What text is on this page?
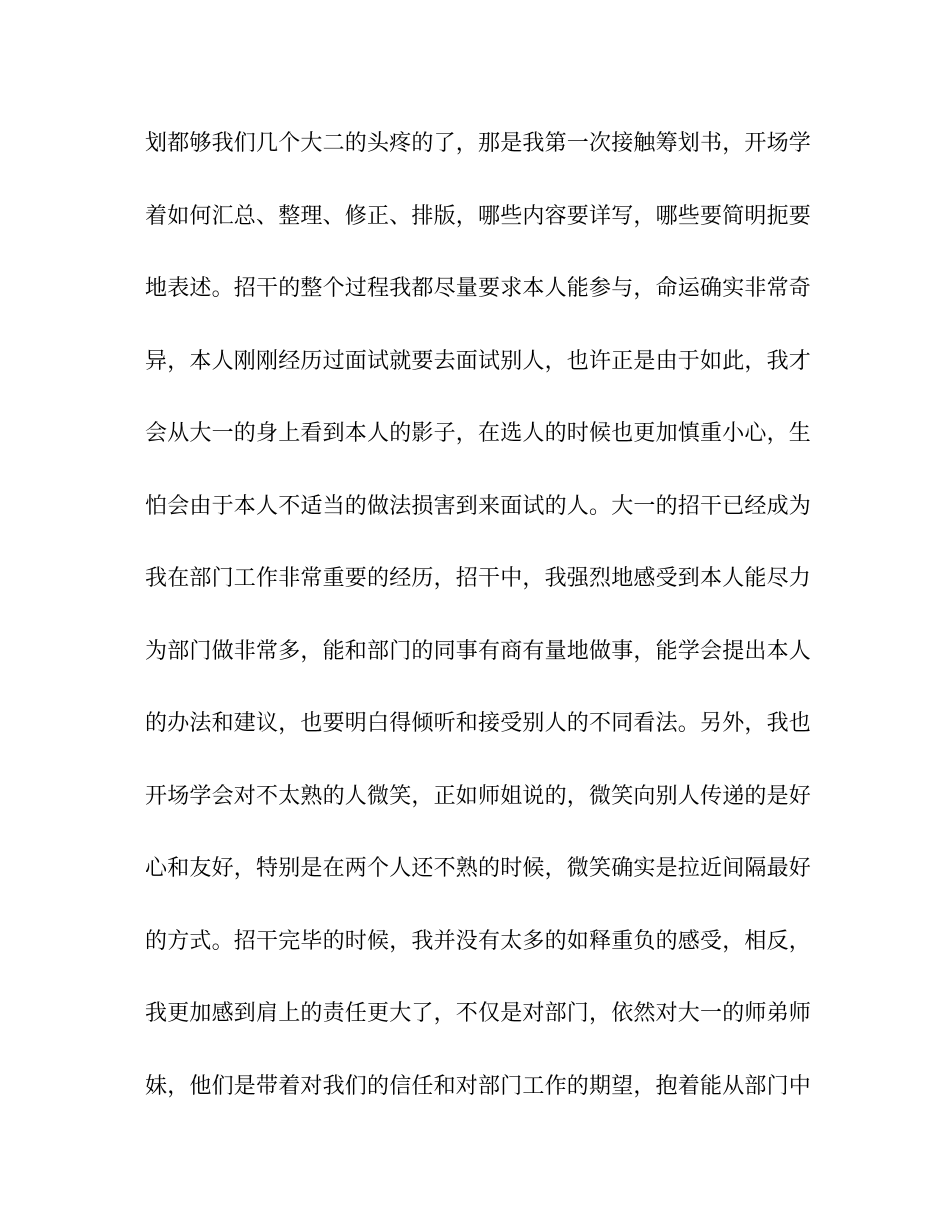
划都够我们几个大二的头疼的了，那是我第一次接触筹划书，开场学
着如何汇总、整理、修正、排版，哪些内容要详写，哪些要简明扼要
地表述。招干的整个过程我都尽量要求本人能参与，命运确实非常奇
异，本人刚刚经历过面试就要去面试别人，也许正是由于如此，我才
会从大一的身上看到本人的影子，在选人的时候也更加慎重小心，生
怕会由于本人不适当的做法损害到来面试的人。大一的招干已经成为
我在部门工作非常重要的经历，招干中，我强烈地感受到本人能尽力
为部门做非常多，能和部门的同事有商有量地做事，能学会提出本人
的办法和建议，也要明白得倾听和接受别人的不同看法。另外，我也
开场学会对不太熟的人微笑，正如师姐说的，微笑向别人传递的是好
心和友好，特别是在两个人还不熟的时候，微笑确实是拉近间隔最好
的方式。招干完毕的时候，我并没有太多的如释重负的感受，相反，
我更加感到肩上的责任更大了，不仅是对部门，依然对大一的师弟师
妹，他们是带着对我们的信任和对部门工作的期望，抱着能从部门中
